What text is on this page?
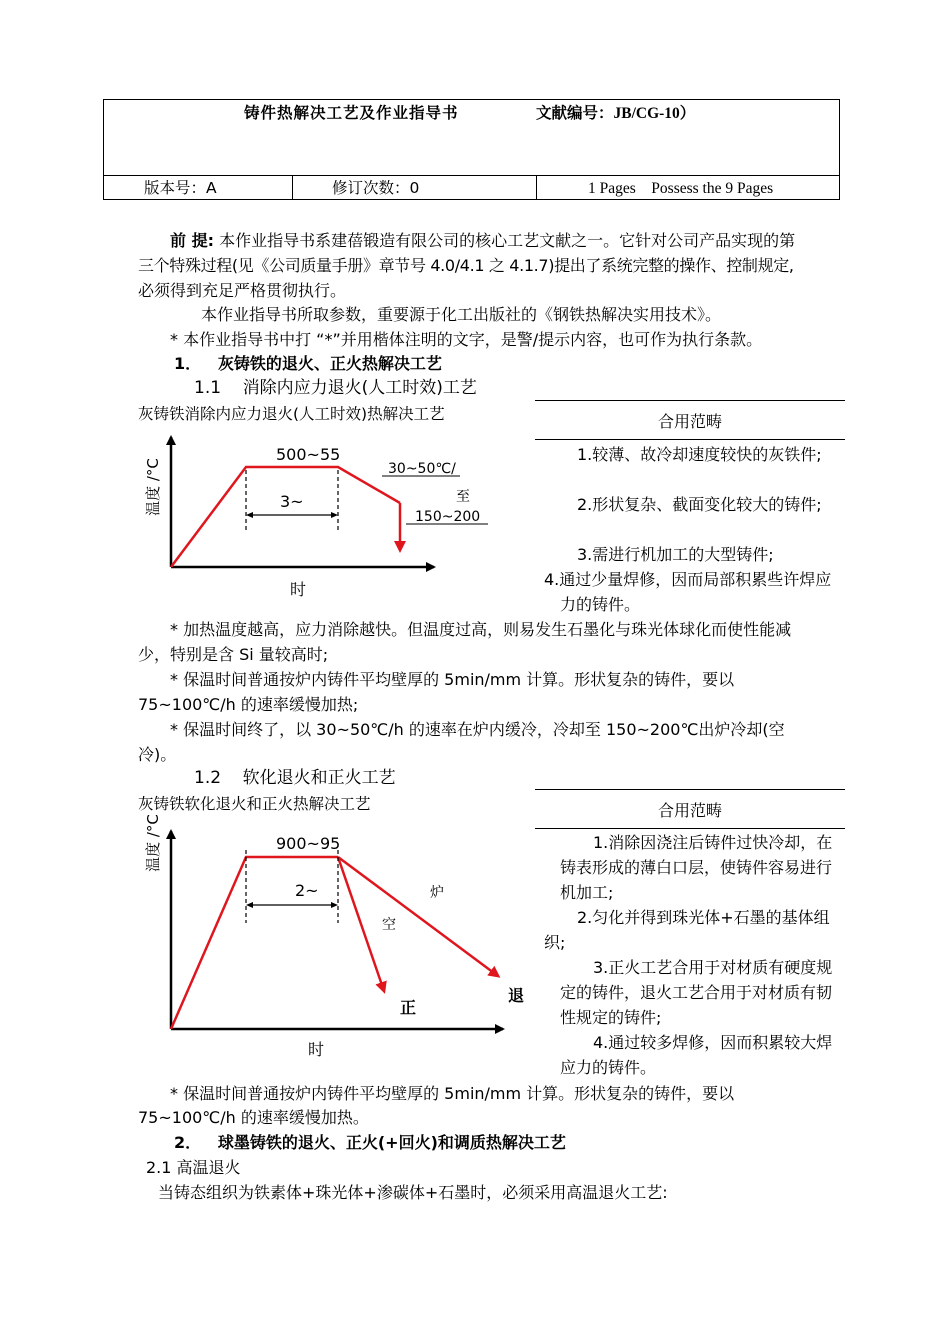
铸件热解决工艺及作业指导书	文献编号：JB/CG-10）
版本号：A	修订次数：0	1 Pages    Possess the 9 Pages
前 提: 本作业指导书系建蓓锻造有限公司的核心工艺文献之一。它针对公司产品实现的第
三个特殊过程(见《公司质量手册》章节号 4.0/4.1 之 4.1.7)提出了系统完整的操作、控制规定,
必须得到充足严格贯彻执行。
本作业指导书所取参数，重要源于化工出版社的《钢铁热解决实用技术》。
* 本作业指导书中打 “*”并用楷体注明的文字，是警/提示内容，也可作为执行条款。
1．   灰铸铁的退火、正火热解决工艺
1.1    消除内应力退火(人工时效)工艺
灰铸铁消除内应力退火(人工时效)热解决工艺
温度 /°C
时
500~55
3~
30~50℃/
至
150~200
合用范畴
1.较薄、故冷却速度较快的灰铁件;
2.形状复杂、截面变化较大的铸件;
3.需进行机加工的大型铸件;
4.通过少量焊修，因而局部积累些许焊应力的铸件。
* 加热温度越高，应力消除越快。但温度过高，则易发生石墨化与珠光体球化而使性能减
少，特别是含 Si 量较高时;
* 保温时间普通按炉内铸件平均壁厚的 5min/mm 计算。形状复杂的铸件，要以
75~100℃/h 的速率缓慢加热;
* 保温时间终了，以 30~50℃/h 的速率在炉内缓冷，冷却至 150~200℃出炉冷却(空
冷)。
1.2    软化退火和正火工艺
灰铸铁软化退火和正火热解决工艺
温度 /°C
时
900~95
2~	炉
空
正
退
合用范畴
1.消除因浇注后铸件过快冷却，在铸表形成的薄白口层，使铸件容易进行机加工;
2.匀化并得到珠光体+石墨的基体组织;
3.正火工艺合用于对材质有硬度规定的铸件，退火工艺合用于对材质有韧性规定的铸件;
4.通过较多焊修，因而积累较大焊应力的铸件。
* 保温时间普通按炉内铸件平均壁厚的 5min/mm 计算。形状复杂的铸件，要以
75~100℃/h 的速率缓慢加热。
2．   球墨铸铁的退火、正火(+回火)和调质热解决工艺
2.1 高温退火
当铸态组织为铁素体+珠光体+渗碳体+石墨时，必须采用高温退火工艺:
